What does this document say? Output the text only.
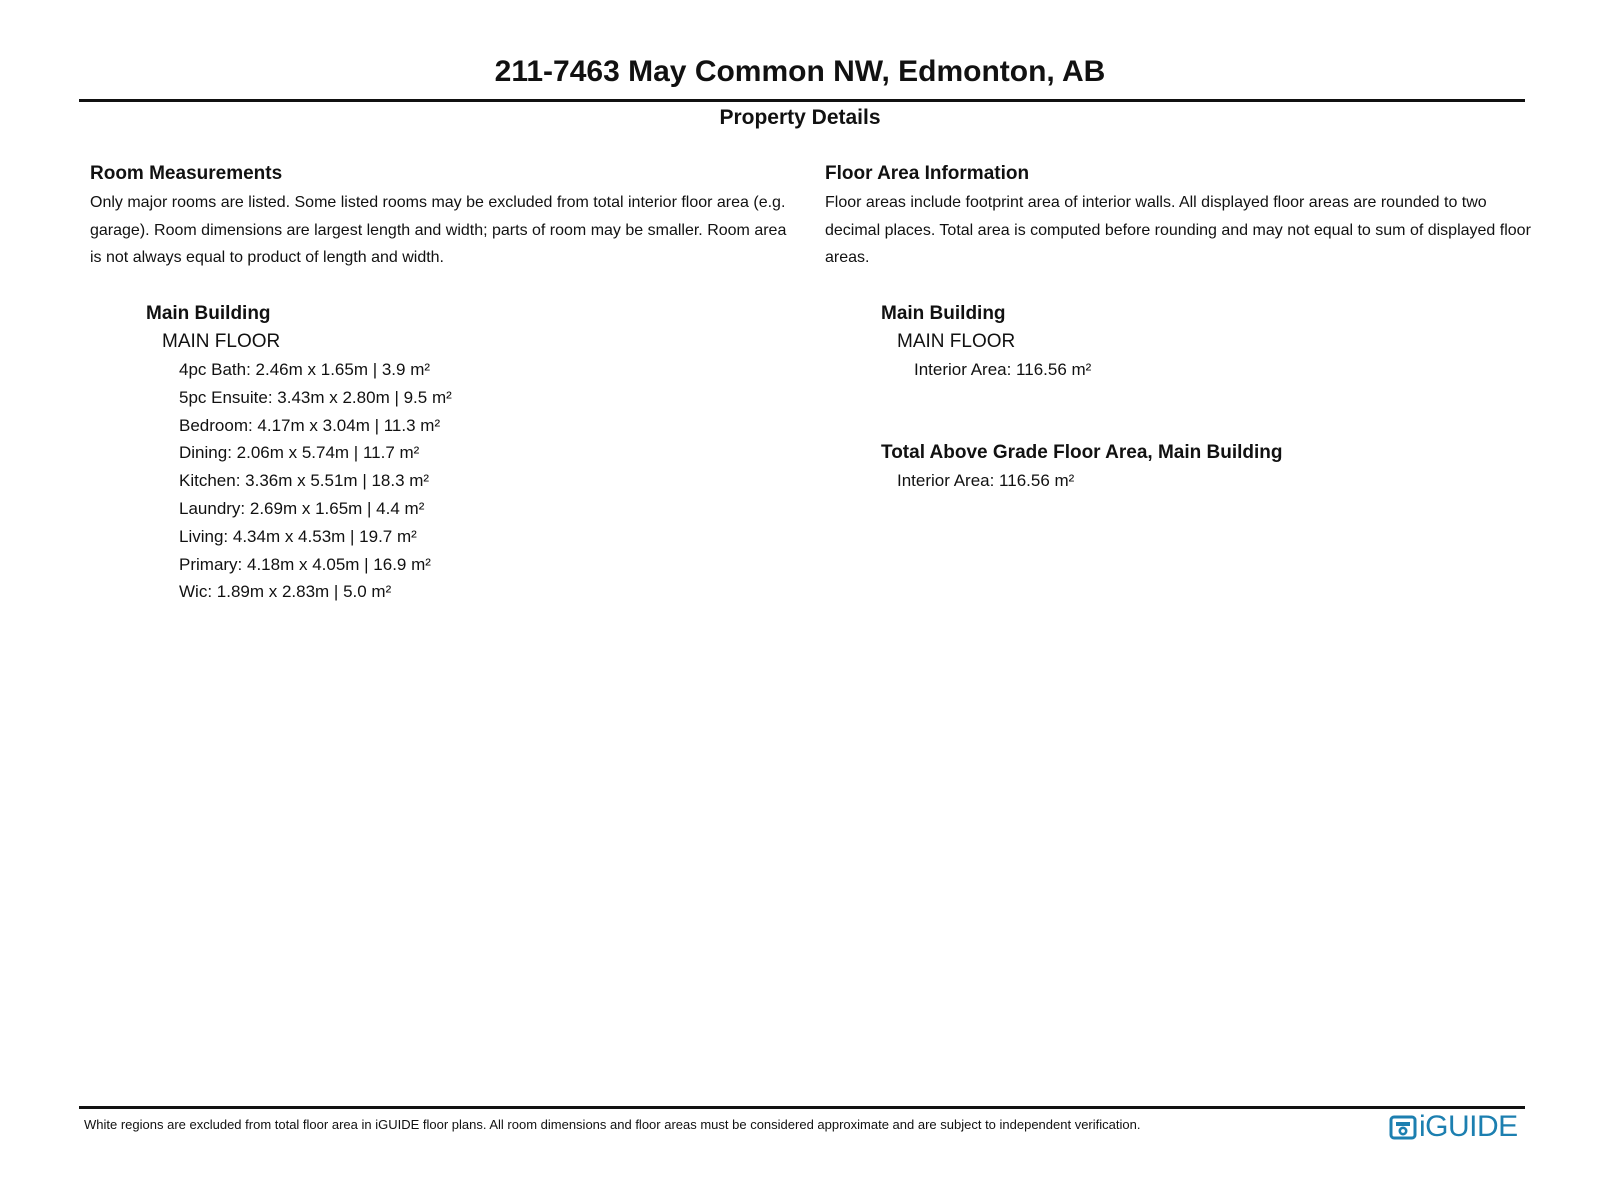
211-7463 May Common NW, Edmonton, AB
Property Details
Room Measurements

Only major rooms are listed. Some listed rooms may be excluded from total interior floor area (e.g. garage). Room dimensions are largest length and width; parts of room may be smaller. Room area is not always equal to product of length and width.

Main Building
MAIN FLOOR
4pc Bath: 2.46m x 1.65m | 3.9 m²
5pc Ensuite: 3.43m x 2.80m | 9.5 m²
Bedroom: 4.17m x 3.04m | 11.3 m²
Dining: 2.06m x 5.74m | 11.7 m²
Kitchen: 3.36m x 5.51m | 18.3 m²
Laundry: 2.69m x 1.65m | 4.4 m²
Living: 4.34m x 4.53m | 19.7 m²
Primary: 4.18m x 4.05m | 16.9 m²
Wic: 1.89m x 2.83m | 5.0 m²
Floor Area Information

Floor areas include footprint area of interior walls. All displayed floor areas are rounded to two decimal places. Total area is computed before rounding and may not equal to sum of displayed floor areas.

Main Building
MAIN FLOOR
Interior Area: 116.56 m²
Total Above Grade Floor Area, Main Building
Interior Area: 116.56 m²
White regions are excluded from total floor area in iGUIDE floor plans. All room dimensions and floor areas must be considered approximate and are subject to independent verification.	iGUIDE
